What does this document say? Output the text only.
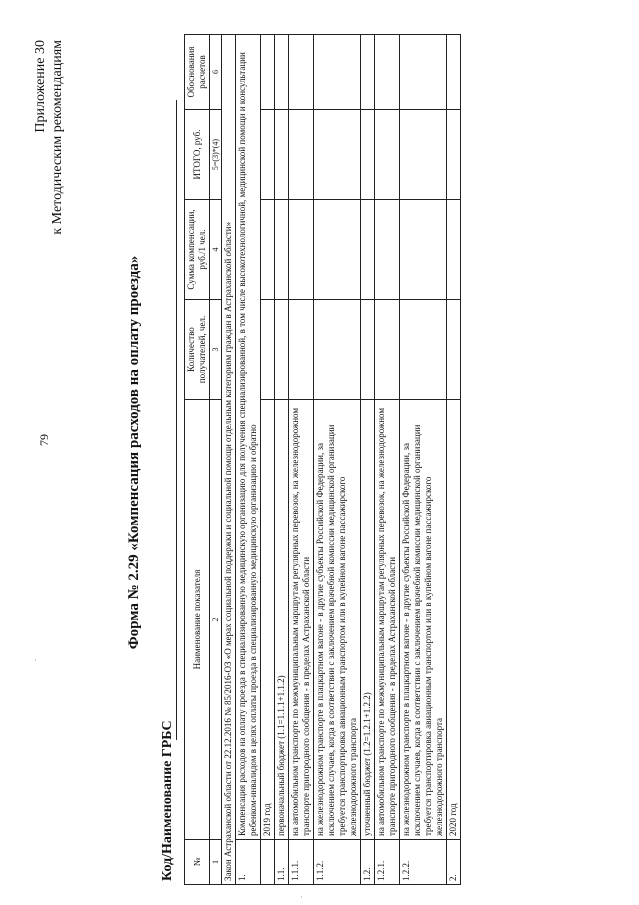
79
·
·
Приложение 30 к Методическим рекомендациям
Форма № 2.29 «Компенсация расходов на оплату проезда»
Код/Наименование ГРБС №	Наименование показателя	Количество получателей, чел.	Сумма компенсации, руб./1 чел.	ИТОГО, руб.	Обоснования расчетов
1	2	3	4	5=(3)*(4)	6
Закон Астраханской области от 22.12.2016 № 85/2016-ОЗ «О мерах социальной поддержки и социальной помощи отдельным категориям граждан в Астраханской области»					
1.	Компенсация расходов на оплату проезда в специализированную медицинскую организацию для получения специализированной, в том числе высокотехнологичной, медицинской помощи и консультации ребенком-инвалидом в целях оплаты проезда в специализированную медицинскую организацию и обратно				
	2019 год				
1.1.	первоначальный бюджет (1.1=1.1.1+1.1.2)				
1.1.1.	на автомобильном транспорте по межмуниципальным маршрутам регулярных перевозок, на железнодорожном транспорте пригородного сообщения - в пределах Астраханской области				
1.1.2.	на железнодорожном транспорте в плацкартном вагоне - в другие субъекты Российской Федерации, за исключением случаев, когда в соответствии с заключением врачебной комиссии медицинской организации требуется транспортировка авиационным транспортом или в купейном вагоне пассажирского железнодорожного транспорта				
1.2.	уточненный бюджет (1.2=1.2.1+1.2.2)				
1.2.1.	на автомобильном транспорте по межмуниципальным маршрутам регулярных перевозок, на железнодорожном транспорте пригородного сообщения - в пределах Астраханской области				
1.2.2.	на железнодорожном транспорте в плацкартном вагоне - в другие субъекты Российской Федерации, за исключением случаев, когда в соответствии с заключением врачебной комиссии медицинской организации требуется транспортировка авиационным транспортом или в купейном вагоне пассажирского железнодорожного транспорта				
2.	2020 год				
